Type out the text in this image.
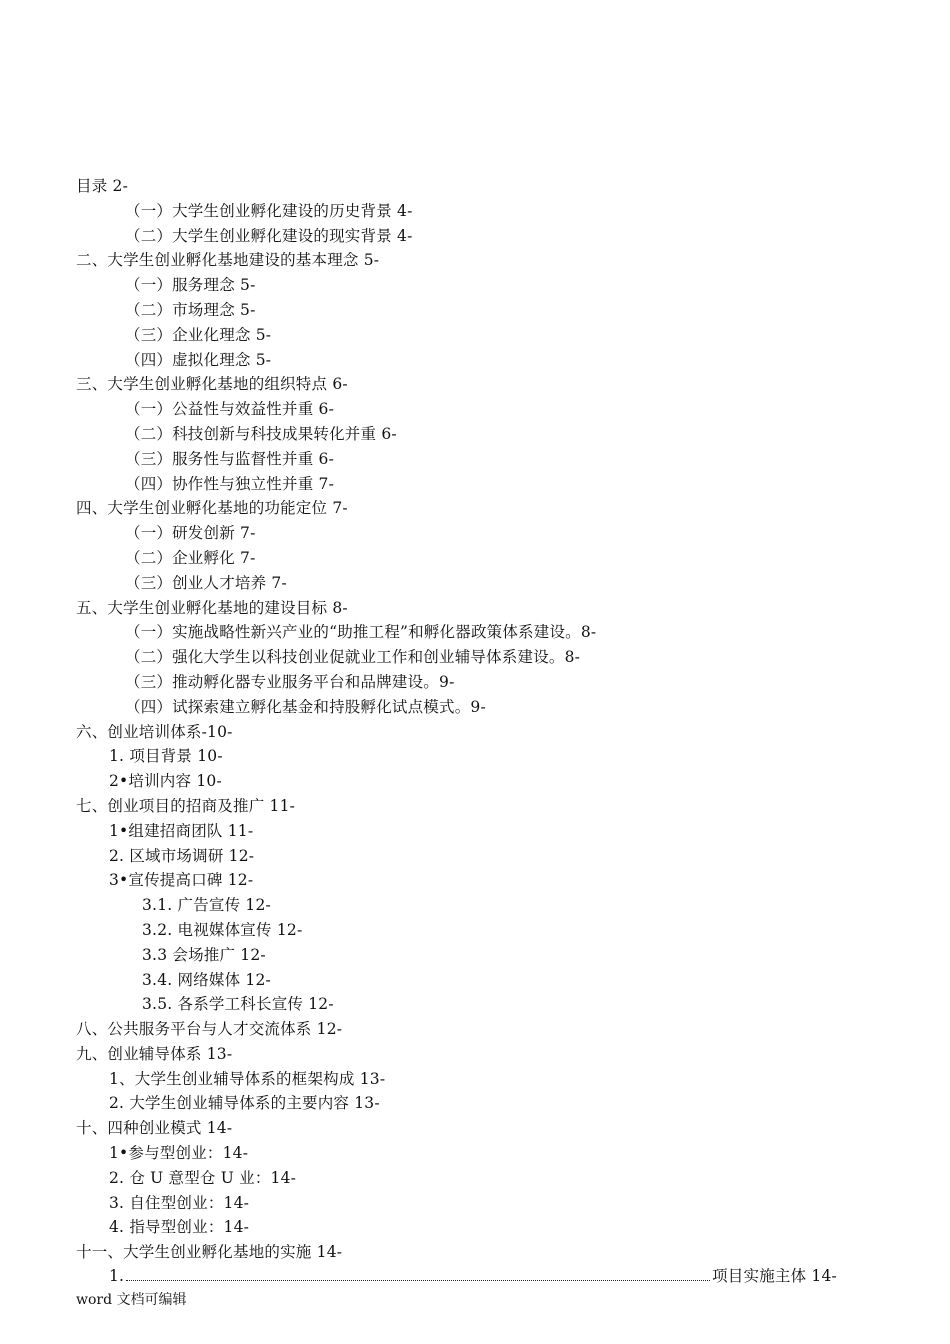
目录 2-
（一）大学生创业孵化建设的历史背景 4-
（二）大学生创业孵化建设的现实背景 4-
二、大学生创业孵化基地建设的基本理念 5-
（一）服务理念 5-
（二）市场理念 5-
（三）企业化理念 5-
（四）虚拟化理念 5-
三、大学生创业孵化基地的组织特点 6-
（一）公益性与效益性并重 6-
（二）科技创新与科技成果转化并重 6-
（三）服务性与监督性并重 6-
（四）协作性与独立性并重 7-
四、大学生创业孵化基地的功能定位 7-
（一）研发创新 7-
（二）企业孵化 7-
（三）创业人才培养 7-
五、大学生创业孵化基地的建设目标 8-
（一）实施战略性新兴产业的“助推工程”和孵化器政策体系建设。8-
（二）强化大学生以科技创业促就业工作和创业辅导体系建设。8-
（三）推动孵化器专业服务平台和品牌建设。9-
（四）试探索建立孵化基金和持股孵化试点模式。9-
六、创业培训体系-10-
1. 项目背景 10-
2•培训内容 10-
七、创业项目的招商及推广 11-
1•组建招商团队 11-
2. 区域市场调研 12-
3•宣传提高口碑 12-
3.1. 广告宣传 12-
3.2. 电视媒体宣传 12-
3.3 会场推广 12-
3.4. 网络媒体 12-
3.5. 各系学工科长宣传 12-
八、公共服务平台与人才交流体系 12-
九、创业辅导体系 13-
1、大学生创业辅导体系的框架构成 13-
2. 大学生创业辅导体系的主要内容 13-
十、四种创业模式 14-
1•参与型创业：14-
2. 仓 U 意型仓 U 业：14-
3. 自住型创业：14-
4. 指导型创业：14-
十一、大学生创业孵化基地的实施 14-
1.	项目实施主体 14-
word 文档可编辑
